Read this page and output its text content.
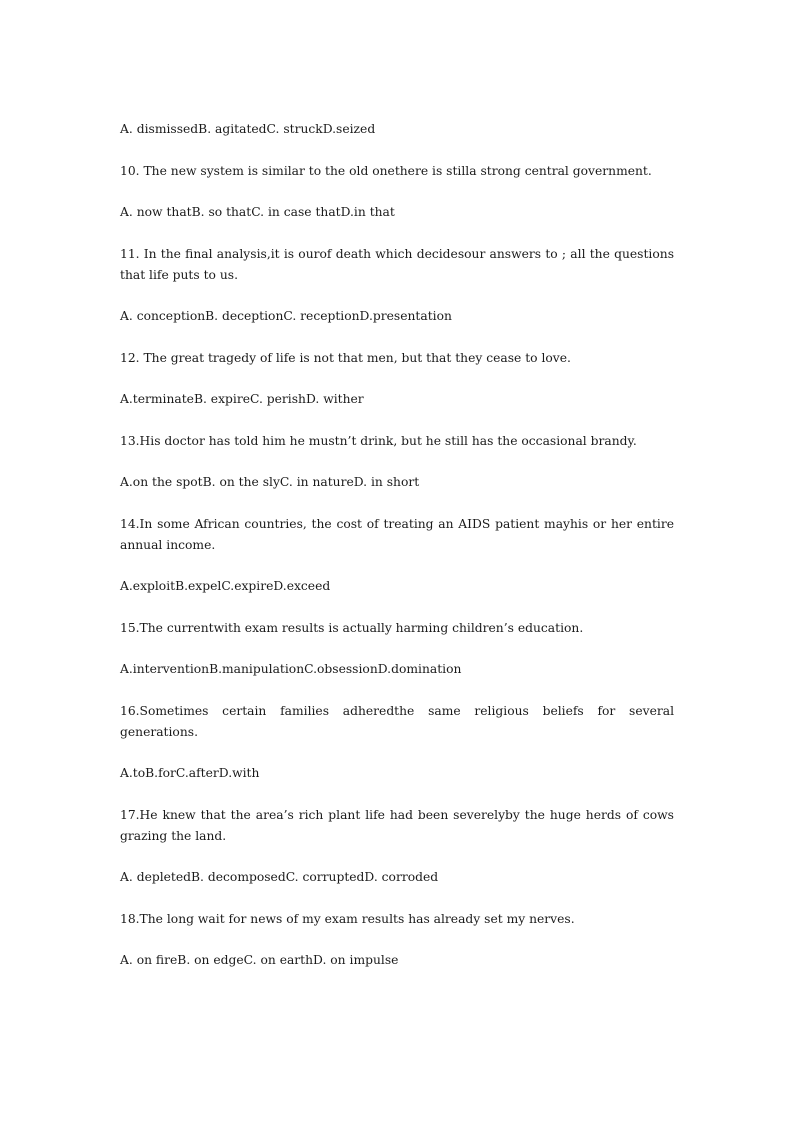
A. dismissedB. agitatedC. struckD.seized

10. The new system is similar to the old onethere is stilla strong central government.

A. now thatB. so thatC. in case thatD.in that

11. In the final analysis,it is ourof death which decidesour answers to ; all the questions that life puts to us.

A. conceptionB. deceptionC. receptionD.presentation

12. The great tragedy of life is not that men, but that they cease to love.

A.terminateB. expireC. perishD. wither

13.His doctor has told him he mustn’t drink, but he still has the occasional brandy.

A.on the spotB. on the slyC. in natureD. in short

14.In some African countries, the cost of treating an AIDS patient mayhis or her entire annual income.

A.exploitB.expelC.expireD.exceed

15.The currentwith exam results is actually harming children’s education.

A.interventionB.manipulationC.obsessionD.domination

16.Sometimes certain families adheredthe same religious beliefs for several generations.

A.toB.forC.afterD.with

17.He knew that the area’s rich plant life had been severelyby the huge herds of cows grazing the land.

A. depletedB. decomposedC. corruptedD. corroded

18.The long wait for news of my exam results has already set my nerves.

A. on fireB. on edgeC. on earthD. on impulse
